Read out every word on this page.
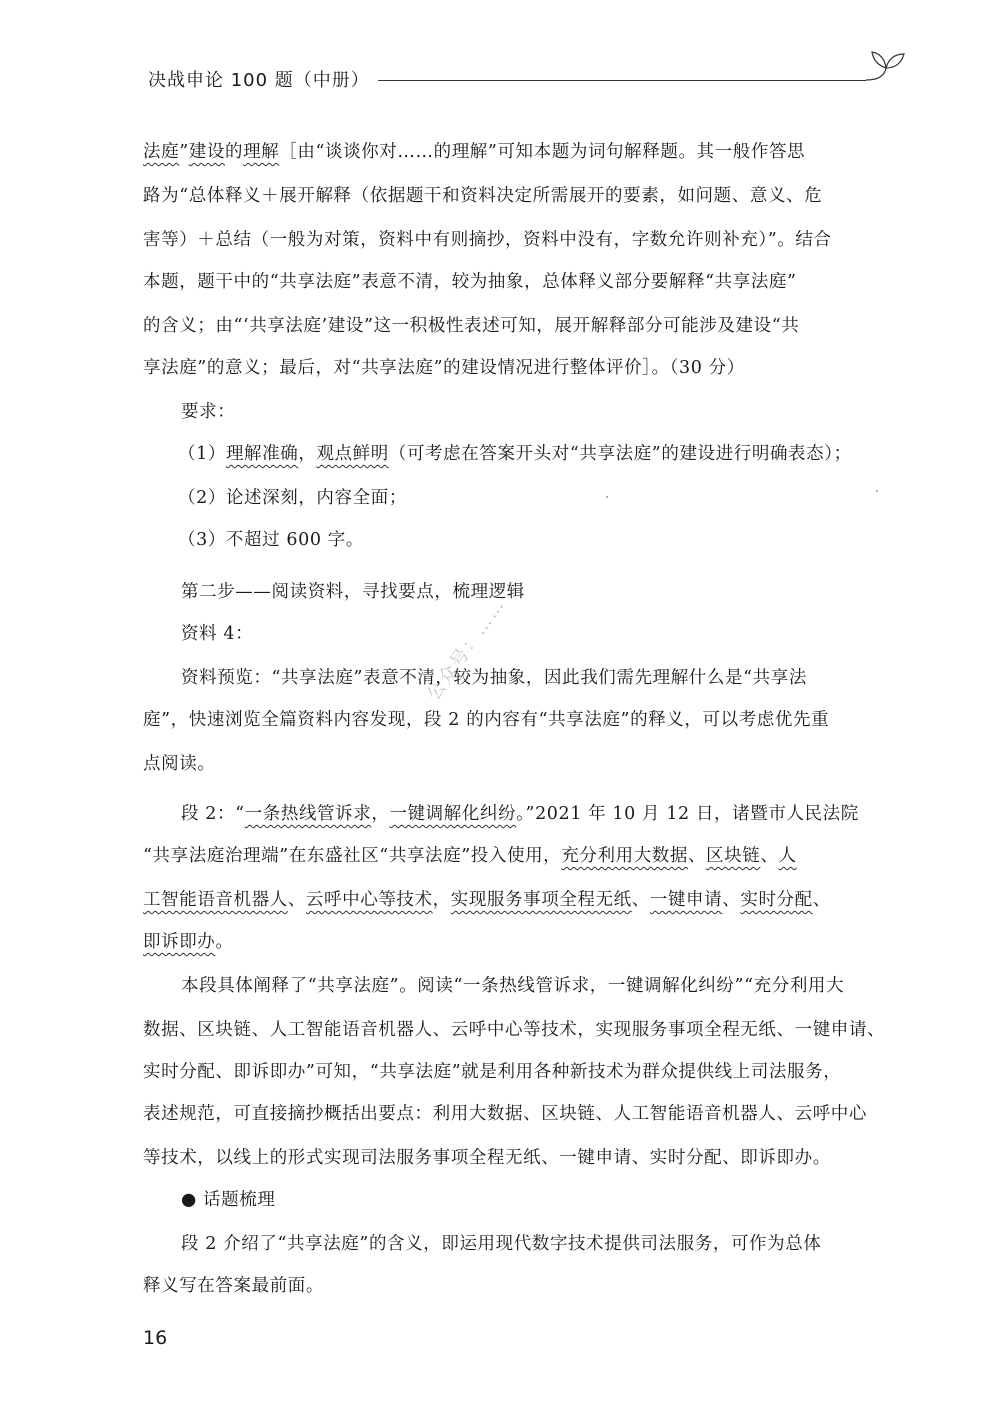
决战申论 100 题（中册）
公众号：……
法庭”建设的理解［由“谈谈你对……的理解”可知本题为词句解释题。其一般作答思
路为“总体释义＋展开解释（依据题干和资料决定所需展开的要素，如问题、意义、危
害等）＋总结（一般为对策，资料中有则摘抄，资料中没有，字数允许则补充）”。结合
本题，题干中的“共享法庭”表意不清，较为抽象，总体释义部分要解释“共享法庭”
的含义；由“‘共享法庭’建设”这一积极性表述可知，展开解释部分可能涉及建设“共
享法庭”的意义；最后，对“共享法庭”的建设情况进行整体评价］。（30 分）
要求：
（1）理解准确，观点鲜明（可考虑在答案开头对“共享法庭”的建设进行明确表态）；
（2）论述深刻，内容全面；
（3）不超过 600 字。
第二步——阅读资料，寻找要点，梳理逻辑
资料 4：
资料预览：“共享法庭”表意不清，较为抽象，因此我们需先理解什么是“共享法
庭”，快速浏览全篇资料内容发现，段 2 的内容有“共享法庭”的释义，可以考虑优先重
点阅读。
段 2：“一条热线管诉求，一键调解化纠纷。”2021 年 10 月 12 日，诸暨市人民法院
“共享法庭治理端”在东盛社区“共享法庭”投入使用，充分利用大数据、区块链、人
工智能语音机器人、云呼中心等技术，实现服务事项全程无纸、一键申请、实时分配、
即诉即办。
本段具体阐释了“共享法庭”。阅读“一条热线管诉求，一键调解化纠纷”“充分利用大
数据、区块链、人工智能语音机器人、云呼中心等技术，实现服务事项全程无纸、一键申请、
实时分配、即诉即办”可知，“共享法庭”就是利用各种新技术为群众提供线上司法服务，
表述规范，可直接摘抄概括出要点：利用大数据、区块链、人工智能语音机器人、云呼中心
等技术，以线上的形式实现司法服务事项全程无纸、一键申请、实时分配、即诉即办。
● 话题梳理
段 2 介绍了“共享法庭”的含义，即运用现代数字技术提供司法服务，可作为总体
释义写在答案最前面。
16
